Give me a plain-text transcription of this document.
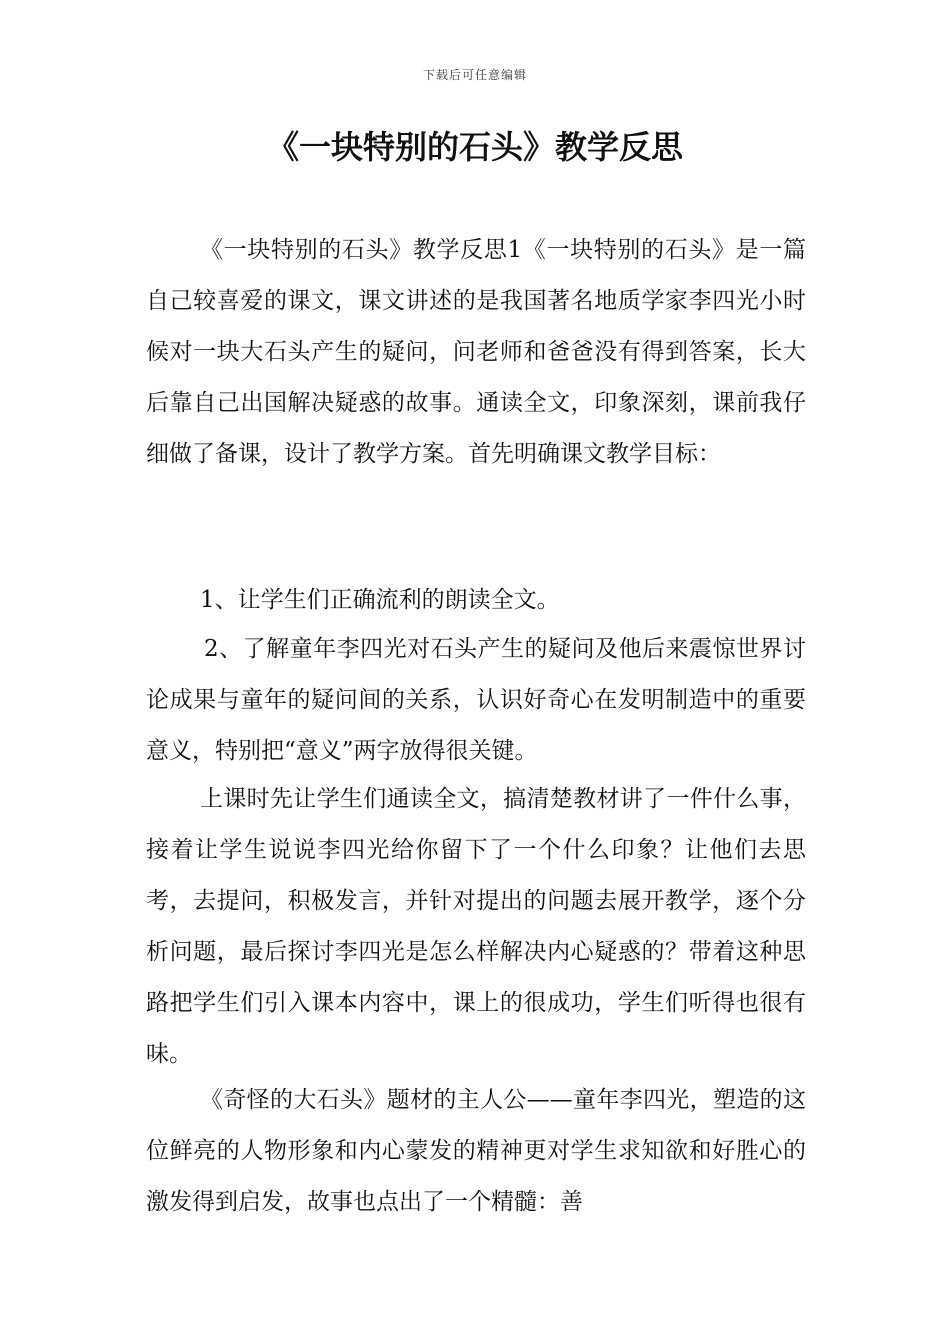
下载后可任意编辑
《一块特别的石头》教学反思

《一块特别的石头》教学反思1《一块特别的石头》是一篇自己较喜爱的课文，课文讲述的是我国著名地质学家李四光小时候对一块大石头产生的疑问，问老师和爸爸没有得到答案，长大后靠自己出国解决疑惑的故事。通读全文，印象深刻，课前我仔细做了备课，设计了教学方案。首先明确课文教学目标：

1、让学生们正确流利的朗读全文。

2、了解童年李四光对石头产生的疑问及他后来震惊世界讨论成果与童年的疑问间的关系，认识好奇心在发明制造中的重要意义，特别把“意义”两字放得很关键。

上课时先让学生们通读全文，搞清楚教材讲了一件什么事，接着让学生说说李四光给你留下了一个什么印象？让他们去思考，去提问，积极发言，并针对提出的问题去展开教学，逐个分析问题，最后探讨李四光是怎么样解决内心疑惑的？带着这种思路把学生们引入课本内容中，课上的很成功，学生们听得也很有味。

《奇怪的大石头》题材的主人公——童年李四光，塑造的这位鲜亮的人物形象和内心蒙发的精神更对学生求知欲和好胜心的激发得到启发，故事也点出了一个精髓：善
